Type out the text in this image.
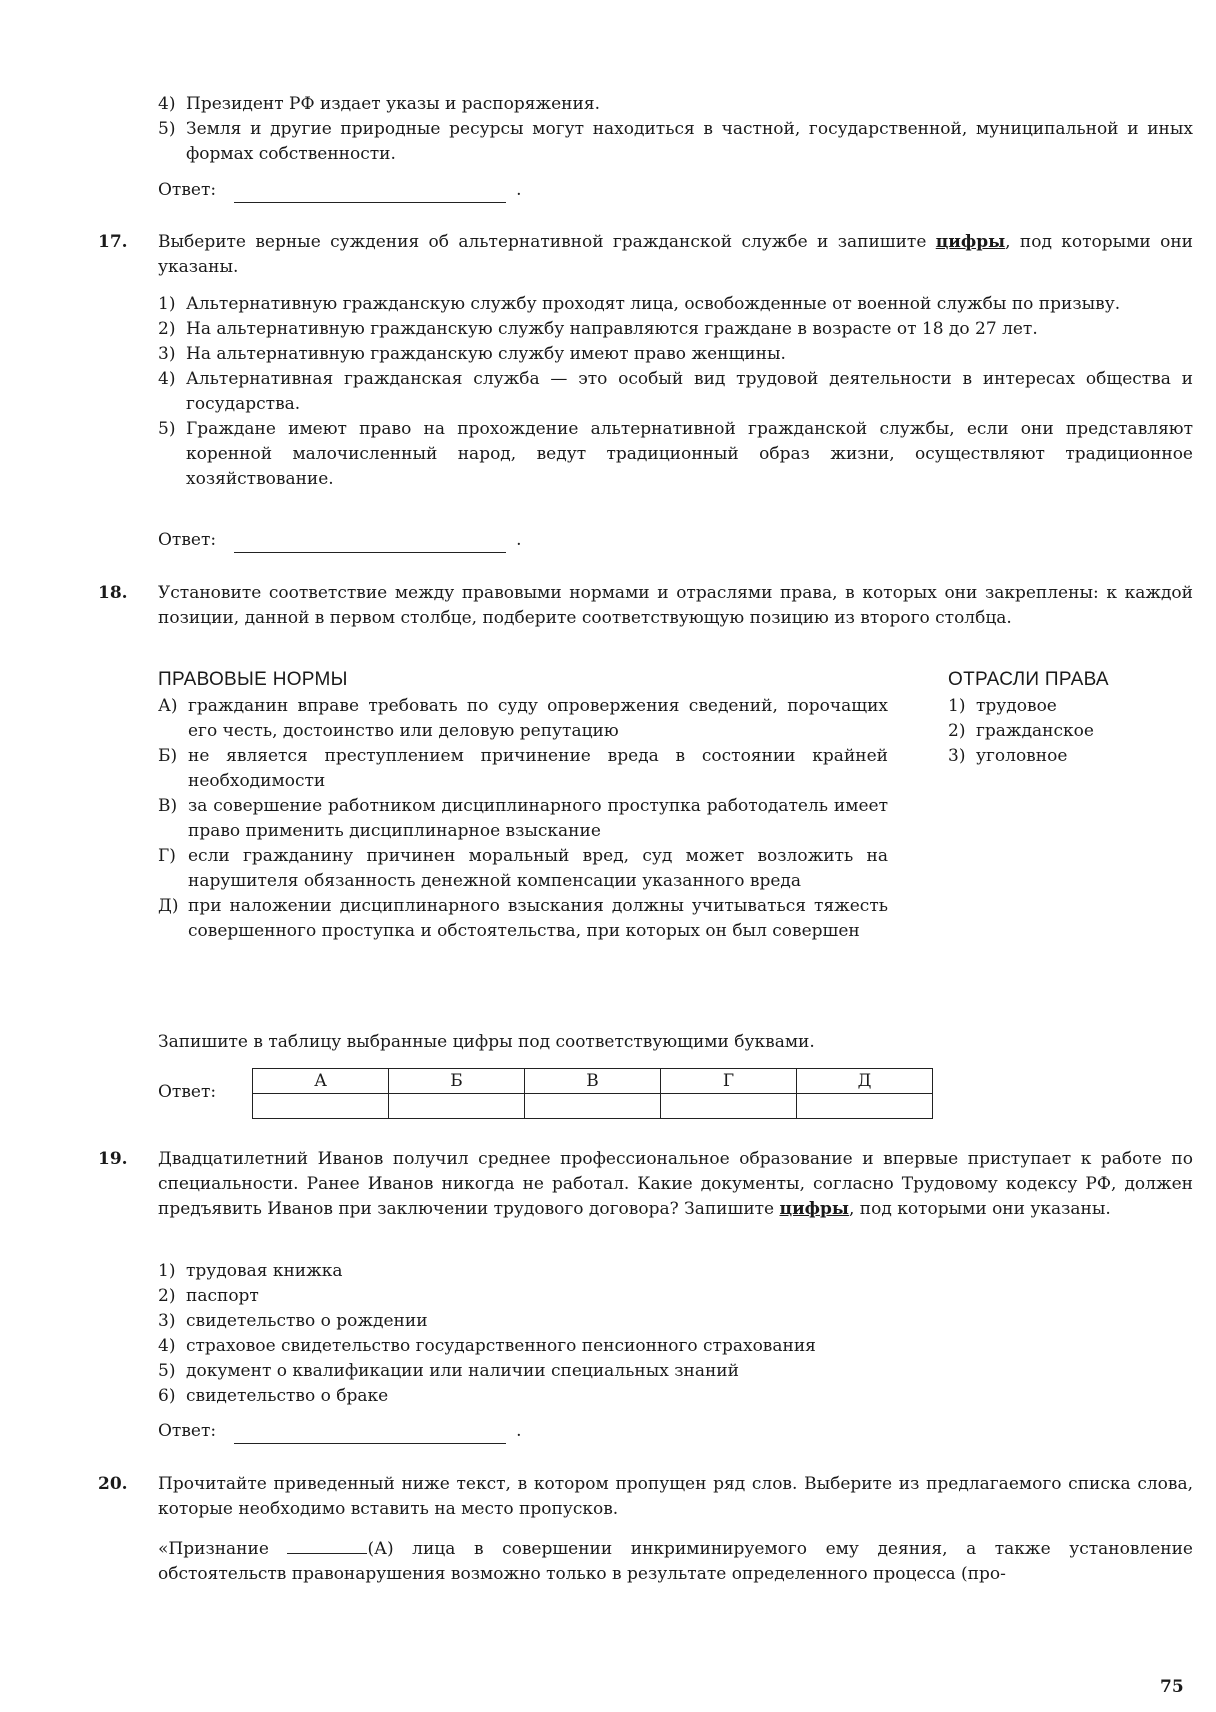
4) Президент РФ издает указы и распоряжения.
5) Земля и другие природные ресурсы могут находиться в частной, государственной, муниципальной и иных формах собственности.
Ответ:	.
17. Выберите верные суждения об альтернативной гражданской службе и запишите цифры, под которыми они указаны.
1) Альтернативную гражданскую службу проходят лица, освобожденные от военной службы по призыву.
2) На альтернативную гражданскую службу направляются граждане в возрасте от 18 до 27 лет.
3) На альтернативную гражданскую службу имеют право женщины.
4) Альтернативная гражданская служба — это особый вид трудовой деятельности в интересах общества и государства.
5) Граждане имеют право на прохождение альтернативной гражданской службы, если они представляют коренной малочисленный народ, ведут традиционный образ жизни, осуществляют традиционное хозяйствование.
Ответ:	.
18. Установите соответствие между правовыми нормами и отраслями права, в которых они закреплены: к каждой позиции, данной в первом столбце, подберите соответствующую позицию из второго столбца.
ПРАВОВЫЕ НОРМЫ
А) гражданин вправе требовать по суду опровержения сведений, порочащих его честь, достоинство или деловую репутацию
Б) не является преступлением причинение вреда в состоянии крайней необходимости
В) за совершение работником дисциплинарного проступка работодатель имеет право применить дисциплинарное взыскание
Г) если гражданину причинен моральный вред, суд может возложить на нарушителя обязанность денежной компенсации указанного вреда
Д) при наложении дисциплинарного взыскания должны учитываться тяжесть совершенного проступка и обстоятельства, при которых он был совершен
ОТРАСЛИ ПРАВА
1) трудовое
2) гражданское
3) уголовное
Запишите в таблицу выбранные цифры под соответствующими буквами.
Ответ:
А	Б	В	Г	Д

19. Двадцатилетний Иванов получил среднее профессиональное образование и впервые приступает к работе по специальности. Ранее Иванов никогда не работал. Какие документы, согласно Трудовому кодексу РФ, должен предъявить Иванов при заключении трудового договора? Запишите цифры, под которыми они указаны.
1) трудовая книжка
2) паспорт
3) свидетельство о рождении
4) страховое свидетельство государственного пенсионного страхования
5) документ о квалификации или наличии специальных знаний
6) свидетельство о браке
Ответ:	.
20. Прочитайте приведенный ниже текст, в котором пропущен ряд слов. Выберите из предлагаемого списка слова, которые необходимо вставить на место пропусков.
«Признание	(А) лица в совершении инкриминируемого ему деяния, а также установление обстоятельств правонарушения возможно только в результате определенного процесса (про-
75
